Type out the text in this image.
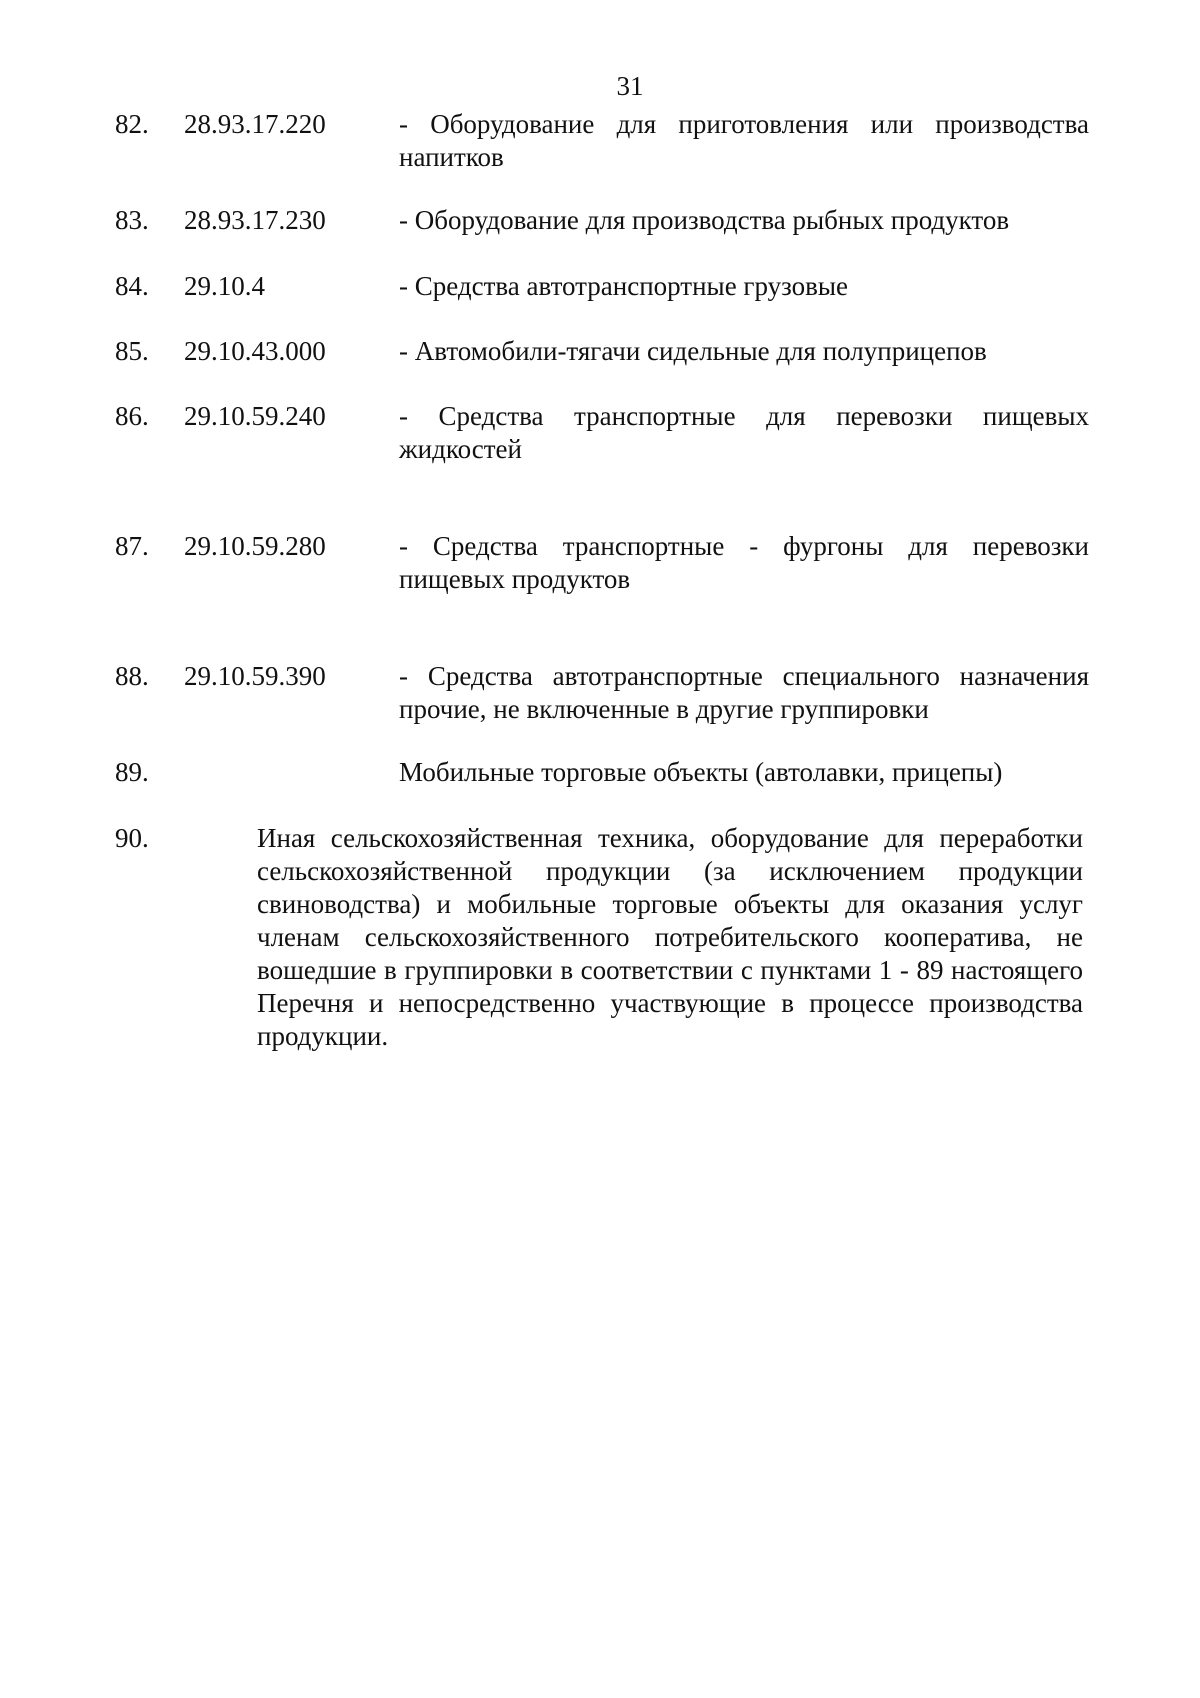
31
82. 28.93.17.220	- Оборудование для приготовления или производства напитков
83. 28.93.17.230	- Оборудование для производства рыбных продуктов
84. 29.10.4	- Средства автотранспортные грузовые
85. 29.10.43.000	- Автомобили-тягачи сидельные для полуприцепов
86. 29.10.59.240	- Средства транспортные для перевозки пищевых жидкостей
87. 29.10.59.280	- Средства транспортные - фургоны для перевозки пищевых продуктов
88. 29.10.59.390	- Средства автотранспортные специального назначения прочие, не включенные в другие группировки
89.	Мобильные торговые объекты (автолавки, прицепы)
90.	Иная сельскохозяйственная техника, оборудование для переработки сельскохозяйственной продукции (за исключением продукции свиноводства) и мобильные торговые объекты для оказания услуг членам сельскохозяйственного потребительского кооператива, не вошедшие в группировки в соответствии с пунктами 1 - 89 настоящего Перечня и непосредственно участвующие в процессе производства продукции.
